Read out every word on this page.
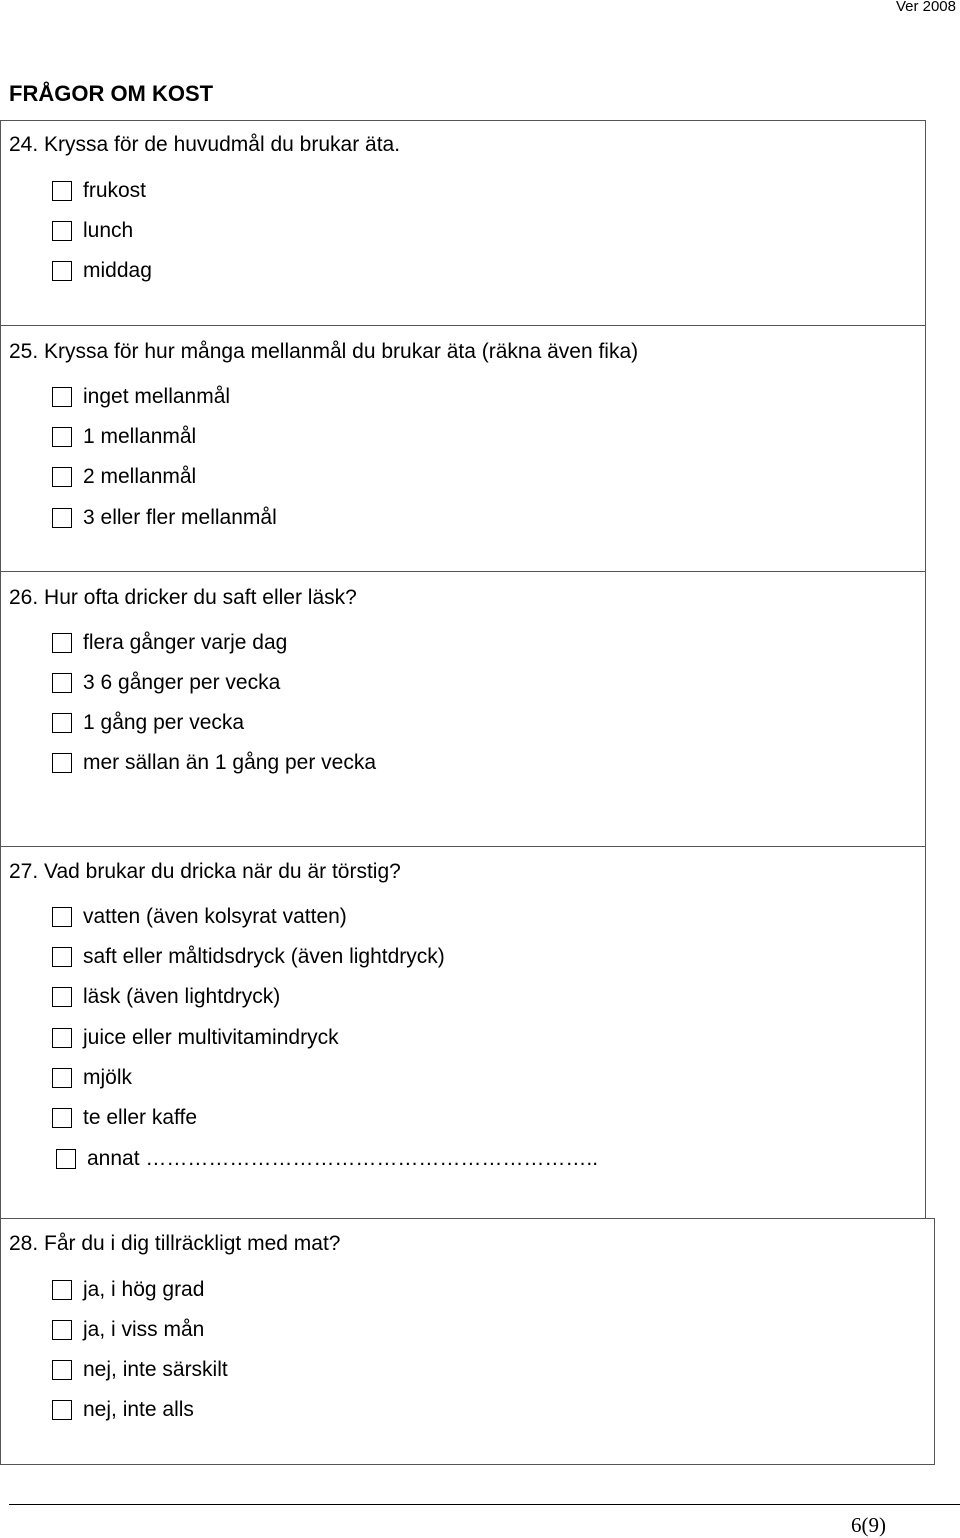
Ver 2008
FRÅGOR OM KOST
24. Kryssa för de huvudmål du brukar äta.
frukost
lunch
middag
25. Kryssa för hur många mellanmål du brukar äta (räkna även fika)
inget mellanmål
1 mellanmål
2 mellanmål
3 eller fler mellanmål
26. Hur ofta dricker du saft eller läsk?
flera gånger varje dag
3 6 gånger per vecka
1 gång per vecka
mer sällan än 1 gång per vecka
27. Vad brukar du dricka när du är törstig?
vatten (även kolsyrat vatten)
saft eller måltidsdryck (även lightdryck)
läsk (även lightdryck)
juice eller multivitamindryck
mjölk
te eller kaffe
annat ………………………………………………………..
28. Får du i dig tillräckligt med mat?
ja, i hög grad
ja, i viss mån
nej, inte särskilt
nej, inte alls
6(9)
